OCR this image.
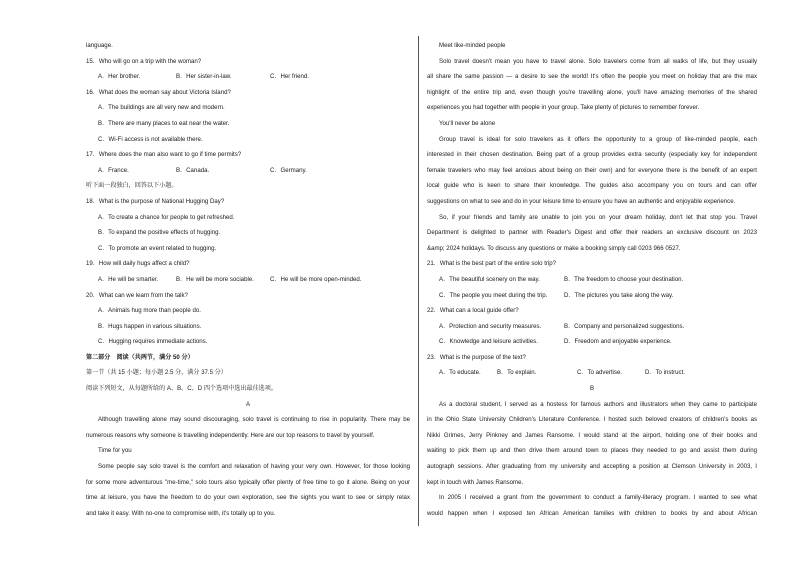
language.
15．Who will go on a trip with the woman?
A．Her brother.	B．Her sister-in-law.	C．Her friend.
16．What does the woman say about Victoria Island?
A．The buildings are all very new and modern.
B．There are many places to eat near the water.
C．Wi-Fi access is not available there.
17．Where does the man also want to go if time permits?
A．France.	B．Canada.	C．Germany.
听下面一段独白，回答以下小题。
18．What is the purpose of National Hugging Day?
A．To create a chance for people to get refreshed.
B．To expand the positive effects of hugging.
C．To promote an event related to hugging.
19．How will daily hugs affect a child?
A．He will be smarter.	B．He will be more sociable.	C．He will be more open-minded.
20．What can we learn from the talk?
A．Animals hug more than people do.
B．Hugs happen in various situations.
C．Hugging requires immediate actions.
第二部分　阅读（共两节，满分 50 分）
第一节（共 15 小题；每小题 2.5 分，满分 37.5 分）
阅读下列短文，从每题所给的 A、B、C、D 四个选项中选出最佳选项。
A
Although travelling alone may sound discouraging, solo travel is continuing to rise in popularity. There may be
numerous reasons why someone is travelling independently. Here are our top reasons to travel by yourself.
Time for you
Some people say solo travel is the comfort and relaxation of having your very own. However, for those looking
for some more adventurous "me-time," solo tours also typically offer plenty of free time to go it alone. Being on your
time at leisure, you have the freedom to do your own exploration, see the sights you want to see or simply relax
and take it easy. With no-one to compromise with, it's totally up to you.
Meet like-minded people
Solo travel doesn't mean you have to travel alone. Solo travelers come from all walks of life, but they usually
all share the same passion — a desire to see the world! It's often the people you meet on holiday that are the max
highlight of the entire trip and, even though you're travelling alone, you'll have amazing memories of the shared
experiences you had together with people in your group. Take plenty of pictures to remember forever.
You'll never be alone
Group travel is ideal for solo travelers as it offers the opportunity to a group of like-minded people, each
interested in their chosen destination. Being part of a group provides extra security (especially key for independent
female travelers who may feel anxious about being on their own) and for everyone there is the benefit of an expert
local guide who is keen to share their knowledge. The guides also accompany you on tours and can offer
suggestions on what to see and do in your leisure time to ensure you have an authentic and enjoyable experience.
So, if your friends and family are unable to join you on your dream holiday, don't let that stop you. Travel
Department is delighted to partner with Reader's Digest and offer their readers an exclusive discount on 2023
&amp; 2024 holidays. To discuss any questions or make a booking simply call 0203 966 0527.
21．What is the best part of the entire solo trip?
A．The beautiful scenery on the way.	B．The freedom to choose your destination.
C．The people you meet during the trip.	D．The pictures you take along the way.
22．What can a local guide offer?
A．Protection and security measures.	B．Company and personalized suggestions.
C．Knowledge and leisure activities.	D．Freedom and enjoyable experience.
23．What is the purpose of the text?
A．To educate.	B．To explain.	C．To advertise.	D．To instruct.
B
As a doctoral student, I served as a hostess for famous authors and illustrators when they came to participate
in the Ohio State University Children's Literature Conference. I hosted such beloved creators of children's books as
Nikki Grimes, Jerry Pinkney and James Ransome. I would stand at the airport, holding one of their books and
waiting to pick them up and then drive them around town to places they needed to go and assist them during
autograph sessions. After graduating from my university and accepting a position at Clemson University in 2003, I
kept in touch with James Ransome.
In 2005 I received a grant from the government to conduct a family-literacy program. I wanted to see what
would happen when I exposed ten African American families with children to books by and about African
